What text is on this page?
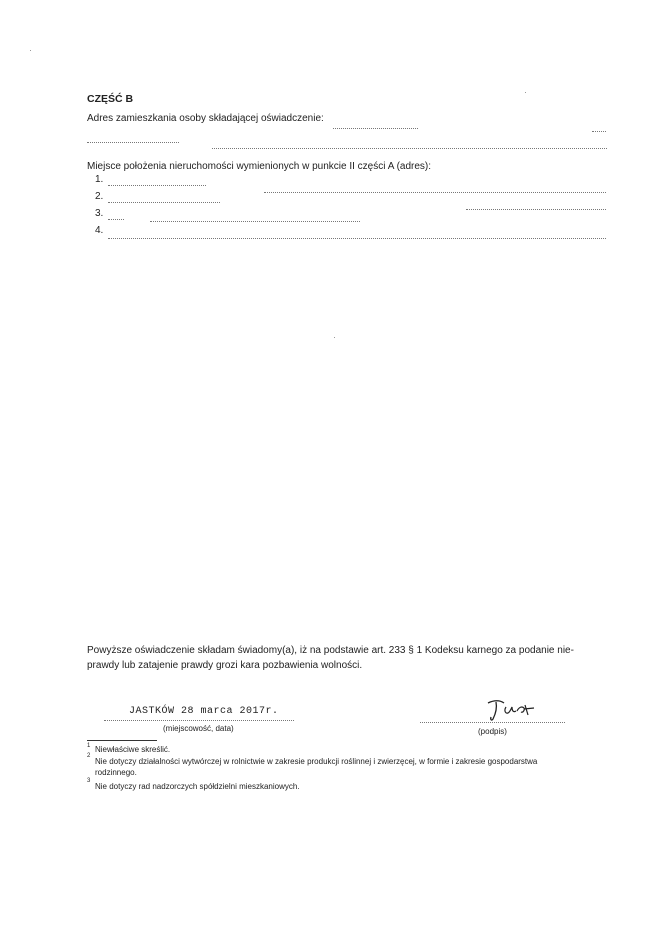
CZĘŚĆ B
Adres zamieszkania osoby składającej oświadczenie:
Miejsce położenia nieruchomości wymienionych w punkcie II części A (adres):
1.
2.
3.
4.
Powyższe oświadczenie składam świadomy(a), iż na podstawie art. 233 § 1 Kodeksu karnego za podanie nie-
prawdy lub zatajenie prawdy grozi kara pozbawienia wolności.
JASTKÓW 28 marca 2017r.
(miejscowość, data)	(podpis)
1 Niewłaściwe skreślić.
2
Nie dotyczy działalności wytwórczej w rolnictwie w zakresie produkcji roślinnej i zwierzęcej, w formie i zakresie gospodarstwa
rodzinnego.
3
Nie dotyczy rad nadzorczych spółdzielni mieszkaniowych.
